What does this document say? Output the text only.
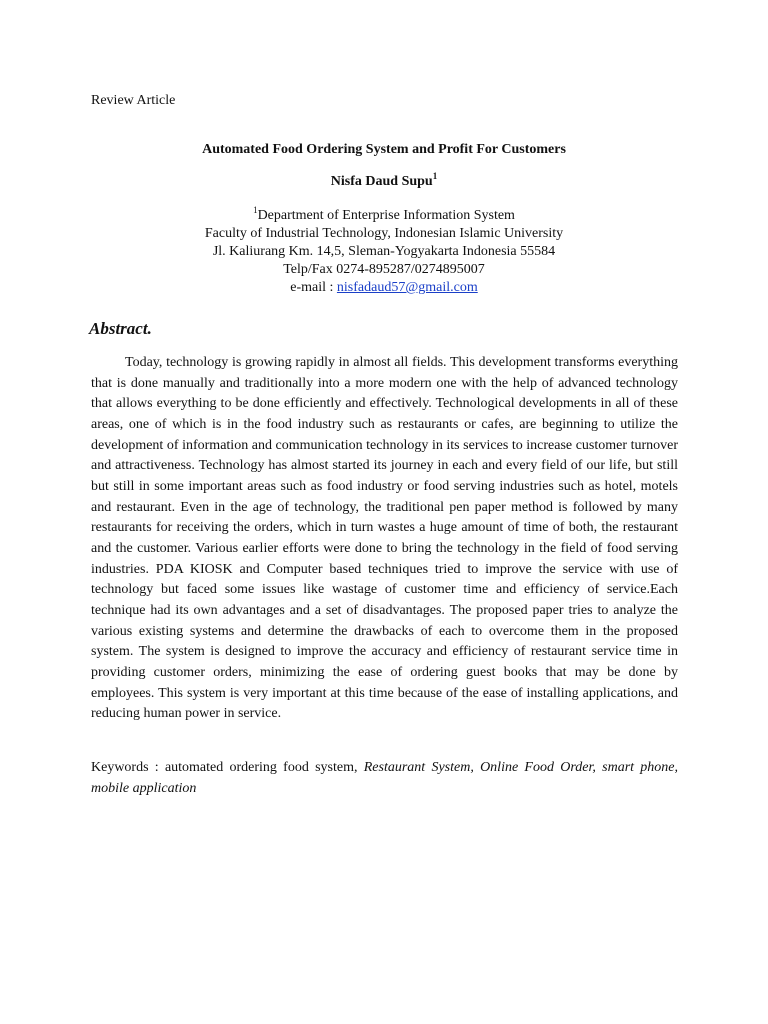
Review Article
Automated Food Ordering System and Profit For Customers
Nisfa Daud Supu$^1$
$^1$Department of Enterprise Information System
Faculty of Industrial Technology, Indonesian Islamic University
Jl. Kaliurang Km. 14,5, Sleman-Yogyakarta Indonesia 55584
Telp/Fax 0274-895287/0274895007
e-mail : nisfadaud57@gmail.com
Abstract.

Today, technology is growing rapidly in almost all fields. This development transforms everything that is done manually and traditionally into a more modern one with the help of advanced technology that allows everything to be done efficiently and effectively. Technological developments in all of these areas, one of which is in the food industry such as restaurants or cafes, are beginning to utilize the development of information and communication technology in its services to increase customer turnover and attractiveness. Technology has almost started its journey in each and every field of our life, but still but still in some important areas such as food industry or food serving industries such as hotel, motels and restaurant. Even in the age of technology, the traditional pen paper method is followed by many restaurants for receiving the orders, which in turn wastes a huge amount of time of both, the restaurant and the customer. Various earlier efforts were done to bring the technology in the field of food serving industries. PDA KIOSK and Computer based techniques tried to improve the service with use of technology but faced some issues like wastage of customer time and efficiency of service.Each technique had its own advantages and a set of disadvantages. The proposed paper tries to analyze the various existing systems and determine the drawbacks of each to overcome them in the proposed system. The system is designed to improve the accuracy and efficiency of restaurant service time in providing customer orders, minimizing the ease of ordering guest books that may be done by employees. This system is very important at this time because of the ease of installing applications, and reducing human power in service.

Keywords : automated ordering food system, Restaurant System, Online Food Order, smart phone, mobile application
